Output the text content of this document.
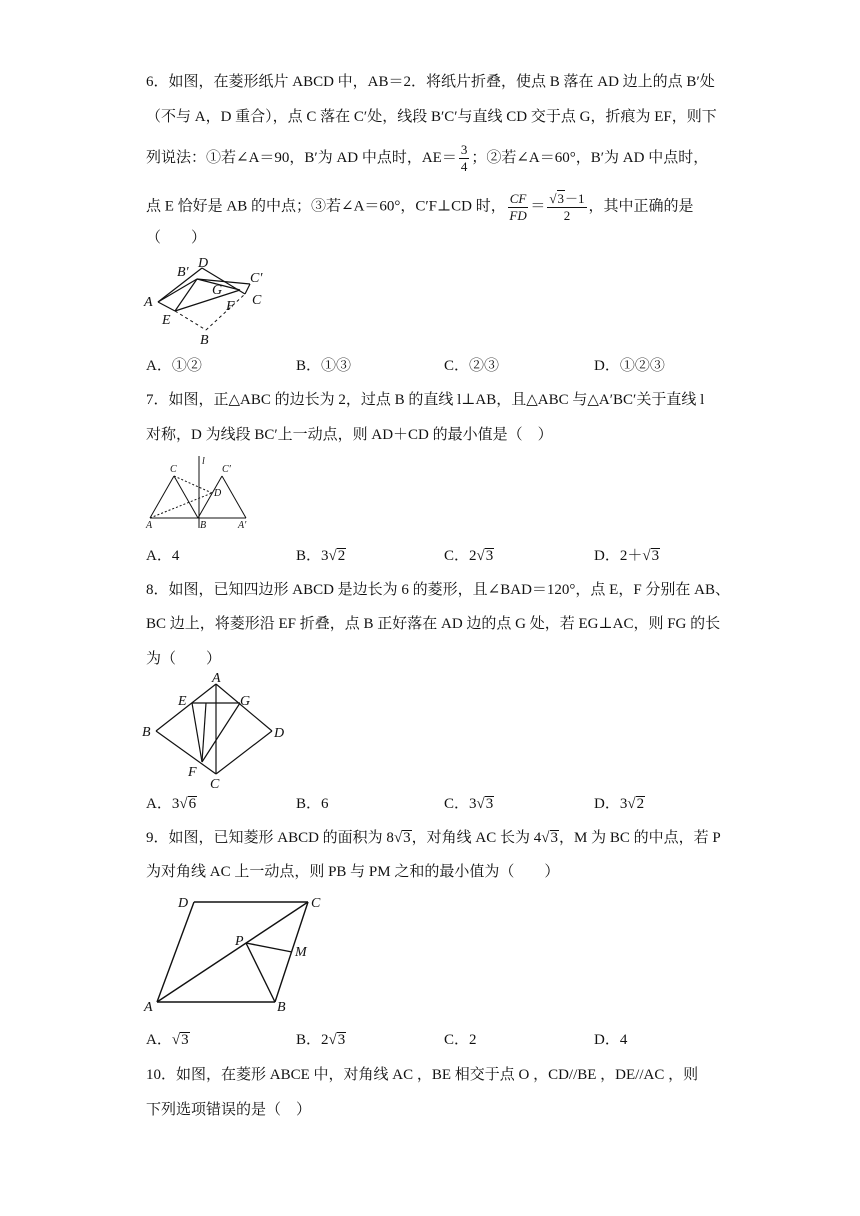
6．如图，在菱形纸片 ABCD 中，AB＝2．将纸片折叠，使点 B 落在 AD 边上的点 B′处
（不与 A，D 重合），点 C 落在 C′处，线段 B′C′与直线 CD 交于点 G，折痕为 EF，则下
列说法：①若∠A＝90，B′为 AD 中点时，$AE= \frac{3}{4}$ ；②若∠A＝60°，B′为 AD 中点时，
点 E 恰好是 AB 的中点；③若∠A＝60°，C′F⊥CD 时， $\frac{CF}{FD} = \frac{√3-1}{2}$ ，其中正确的是
（　　）
B′
D
C′
A
G
F C
E
B
A．①②	B．①③	C．②③	D．①②③
7．如图，正△ABC 的边长为 2，过点 B 的直线 l⊥AB，且△ABC 与△A′BC′关于直线 l
对称，D 为线段 BC′上一动点，则 AD＋CD 的最小值是（　）
C
l
C′
D
A	B	A′
A．4	B．3√2	C．2√3	D．2＋√3
8．如图，已知四边形 ABCD 是边长为 6 的菱形，且∠BAD＝120°，点 E，F 分别在 AB、
BC 边上，将菱形沿 EF 折叠，点 B 正好落在 AD 边的点 G 处，若 EG⊥AC，则 FG 的长
为（　　）
A
E	G
B	D
F
C
A．3√6	B．6	C．3√3	D．3√2
9．如图，已知菱形 ABCD 的面积为 8√3，对角线 AC 长为 4√3，M 为 BC 的中点，若 P
为对角线 AC 上一动点，则 PB 与 PM 之和的最小值为（　　）
D	C
P
M
A	B
A．√3	B．2√3	C．2	D．4
10．如图，在菱形 ABCE 中，对角线 AC ，BE 相交于点 O ，CD//BE ，DE//AC ，则
下列选项错误的是（　）
